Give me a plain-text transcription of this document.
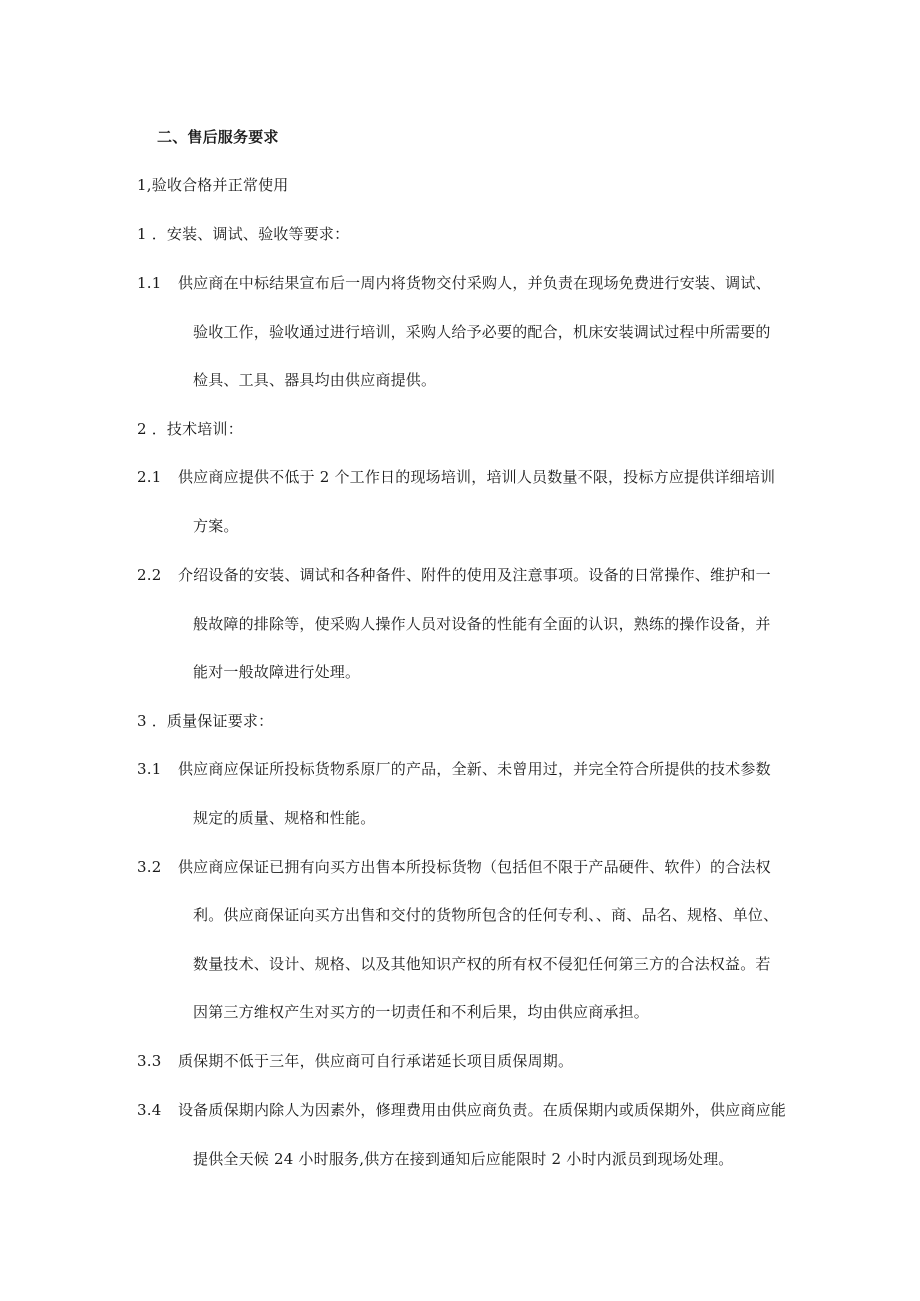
二、售后服务要求
1,验收合格并正常使用
1 ．安装、调试、验收等要求：
1.1 供应商在中标结果宣布后一周内将货物交付采购人，并负责在现场免费进行安装、调试、
验收工作，验收通过进行培训，采购人给予必要的配合，机床安装调试过程中所需要的
检具、工具、器具均由供应商提供。
2 ．技术培训：
2.1 供应商应提供不低于 2 个工作日的现场培训，培训人员数量不限，投标方应提供详细培训
方案。
2.2 介绍设备的安装、调试和各种备件、附件的使用及注意事项。设备的日常操作、维护和一
般故障的排除等，使采购人操作人员对设备的性能有全面的认识，熟练的操作设备，并
能对一般故障进行处理。
3 ．质量保证要求：
3.1 供应商应保证所投标货物系原厂的产品，全新、未曾用过，并完全符合所提供的技术参数
规定的质量、规格和性能。
3.2 供应商应保证已拥有向买方出售本所投标货物（包括但不限于产品硬件、软件）的合法权
利。供应商保证向买方出售和交付的货物所包含的任何专利、、商、品名、规格、单位、
数量技术、设计、规格、以及其他知识产权的所有权不侵犯任何第三方的合法权益。若
因第三方维权产生对买方的一切责任和不利后果，均由供应商承担。
3.3 质保期不低于三年，供应商可自行承诺延长项目质保周期。
3.4 设备质保期内除人为因素外，修理费用由供应商负责。在质保期内或质保期外，供应商应能
提供全天候 24 小时服务,供方在接到通知后应能限时 2 小时内派员到现场处理。
